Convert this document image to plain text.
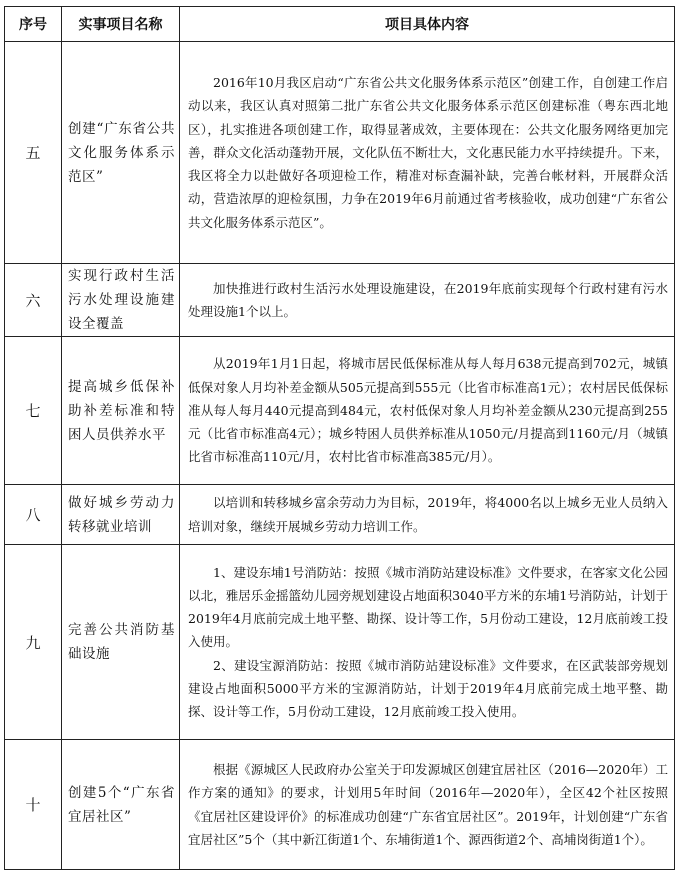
序号	实事项目名称	项目具体内容
五	创建“广东省公共文化服务体系示范区”	2016年10月我区启动“广东省公共文化服务体系示范区”创建工作，自创建工作启动以来，我区认真对照第二批广东省公共文化服务体系示范区创建标准（粤东西北地区），扎实推进各项创建工作，取得显著成效，主要体现在：公共文化服务网络更加完善，群众文化活动蓬勃开展，文化队伍不断壮大，文化惠民能力水平持续提升。下来，我区将全力以赴做好各项迎检工作，精准对标查漏补缺，完善台帐材料，开展群众活动，营造浓厚的迎检氛围，力争在2019年6月前通过省考核验收，成功创建“广东省公共文化服务体系示范区”。

六	实现行政村生活污水处理设施建设全覆盖	加快推进行政村生活污水处理设施建设，在2019年底前实现每个行政村建有污水处理设施1个以上。

七	提高城乡低保补助补差标准和特困人员供养水平	从2019年1月1日起，将城市居民低保标准从每人每月638元提高到702元，城镇低保对象人月均补差金额从505元提高到555元（比省市标准高1元）；农村居民低保标准从每人每月440元提高到484元，农村低保对象人月均补差金额从230元提高到255元（比省市标准高4元）；城乡特困人员供养标准从1050元/月提高到1160元/月（城镇比省市标准高110元/月，农村比省市标准高385元/月）。

八	做好城乡劳动力转移就业培训	以培训和转移城乡富余劳动力为目标，2019年，将4000名以上城乡无业人员纳入培训对象，继续开展城乡劳动力培训工作。

九	完善公共消防基础设施	1、建设东埔1号消防站：按照《城市消防站建设标准》文件要求，在客家文化公园以北，雅居乐金摇篮幼儿园旁规划建设占地面积3040平方米的东埔1号消防站，计划于2019年4月底前完成土地平整、勘探、设计等工作，5月份动工建设，12月底前竣工投入使用。

2、建设宝源消防站：按照《城市消防站建设标准》文件要求，在区武装部旁规划建设占地面积5000平方米的宝源消防站，计划于2019年4月底前完成土地平整、勘探、设计等工作，5月份动工建设，12月底前竣工投入使用。

十	创建5个“广东省宜居社区”	根据《源城区人民政府办公室关于印发源城区创建宜居社区（2016—2020年）工作方案的通知》的要求，计划用5年时间（2016年—2020年），全区42个社区按照《宜居社区建设评价》的标准成功创建“广东省宜居社区”。2019年，计划创建“广东省宜居社区”5个（其中新江街道1个、东埔街道1个、源西街道2个、高埔岗街道1个）。
